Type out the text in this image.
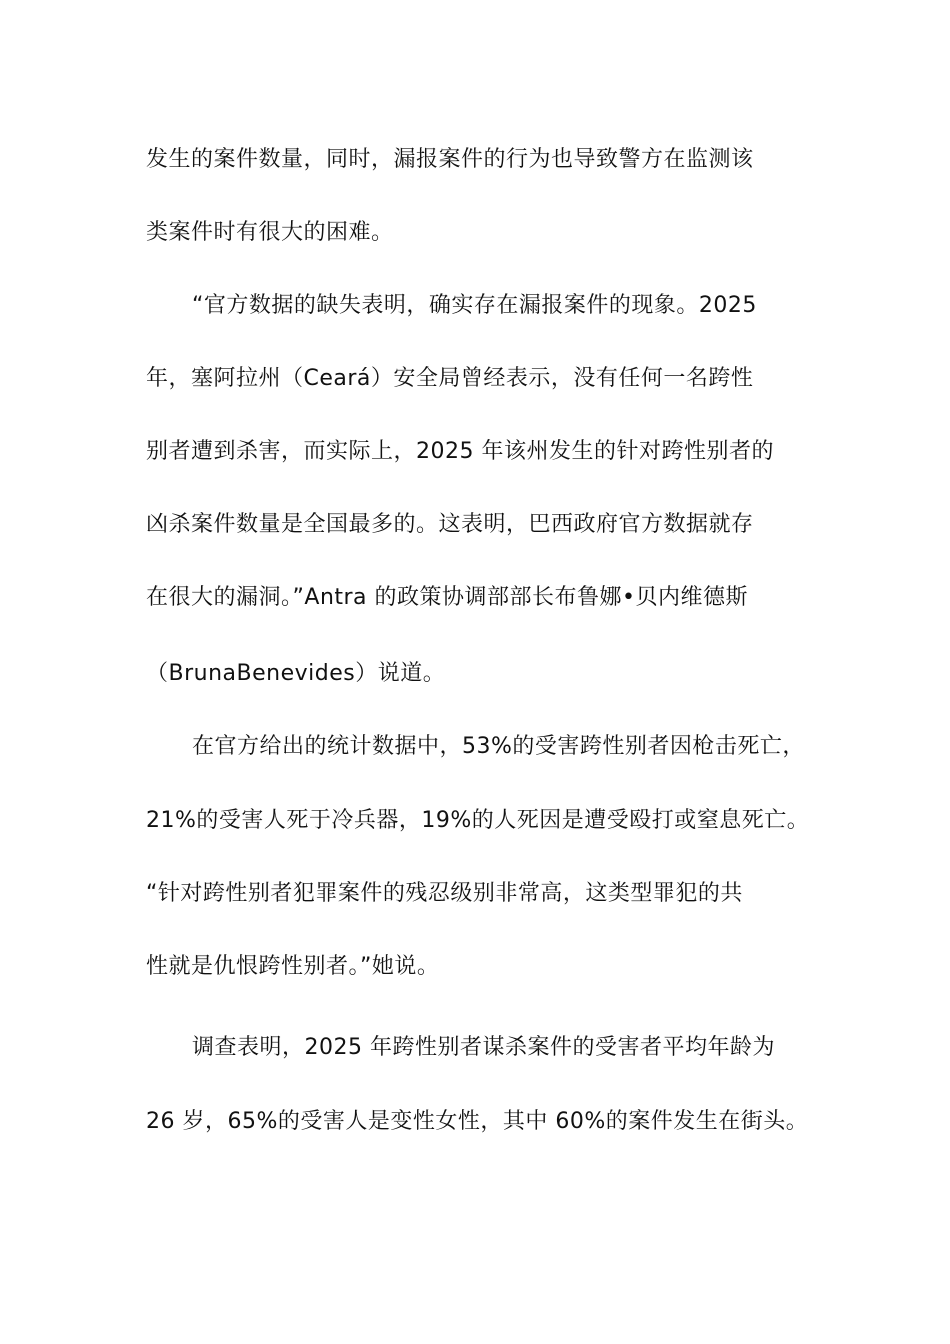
发生的案件数量，同时，漏报案件的行为也导致警方在监测该
类案件时有很大的困难。
“官方数据的缺失表明，确实存在漏报案件的现象。2025
年，塞阿拉州（Cearа́）安全局曾经表示，没有任何一名跨性
别者遭到杀害，而实际上，2025 年该州发生的针对跨性别者的
凶杀案件数量是全国最多的。这表明，巴西政府官方数据就存
在很大的漏洞。”Antra 的政策协调部部长布鲁娜•贝内维德斯
（BrunaBenevides）说道。
在官方给出的统计数据中，53%的受害跨性别者因枪击死亡，
21%的受害人死于冷兵器，19%的人死因是遭受殴打或窒息死亡。
“针对跨性别者犯罪案件的残忍级别非常高，这类型罪犯的共
性就是仇恨跨性别者。”她说。
调查表明，2025 年跨性别者谋杀案件的受害者平均年龄为
26 岁，65%的受害人是变性女性，其中 60%的案件发生在街头。
